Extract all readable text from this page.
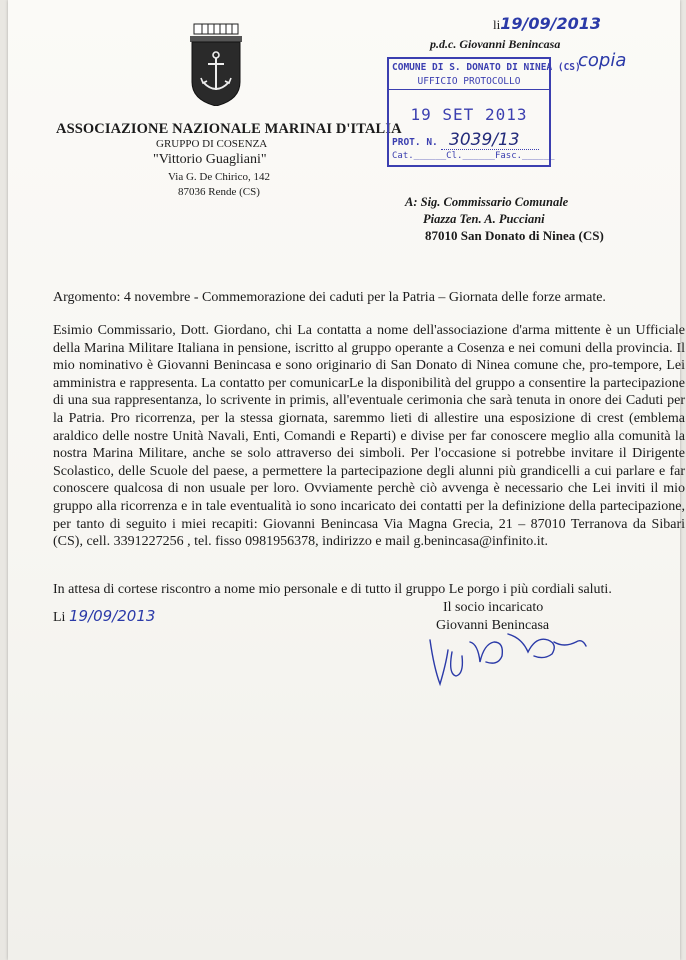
ASSOCIAZIONE NAZIONALE MARINAI D'ITALIA
GRUPPO DI COSENZA
"Vittorio Guagliani"
Via G. De Chirico, 142
87036 Rende (CS)
li19/09/2013
p.d.c. Giovanni Benincasa
copia
COMUNE DI S. DONATO DI NINEA (CS)
UFFICIO PROTOCOLLO
19 SET 2013
PROT. N. 3039/13
Cat.______Cl.______Fasc.______
A: Sig. Commissario Comunale
Piazza Ten. A. Pucciani
87010 San Donato di Ninea (CS)
Argomento: 4 novembre - Commemorazione dei caduti per la Patria – Giornata delle forze armate.
Esimio Commissario, Dott. Giordano, chi La contatta a nome dell'associazione d'arma mittente è un Ufficiale della Marina Militare Italiana in pensione, iscritto al gruppo operante a Cosenza e nei comuni della provincia. Il mio nominativo è Giovanni Benincasa e sono originario di San Donato di Ninea comune che, pro-tempore, Lei amministra e rappresenta. La contatto per comunicarLe la disponibilità del gruppo a consentire la partecipazione di una sua rappresentanza, lo scrivente in primis, all'eventuale cerimonia che sarà tenuta in onore dei Caduti per la Patria. Pro ricorrenza, per la stessa giornata, saremmo lieti di allestire una esposizione di crest (emblema araldico delle nostre Unità Navali, Enti, Comandi e Reparti) e divise per far conoscere meglio alla comunità la nostra Marina Militare, anche se solo attraverso dei simboli. Per l'occasione si potrebbe invitare il Dirigente Scolastico, delle Scuole del paese, a permettere la partecipazione degli alunni più grandicelli a cui parlare e far conoscere qualcosa di non usuale per loro. Ovviamente perchè ciò avvenga è necessario che Lei inviti il mio gruppo alla ricorrenza e in tale eventualità io sono incaricato dei contatti per la definizione della partecipazione, per tanto di seguito i miei recapiti: Giovanni Benincasa Via Magna Grecia, 21 – 87010 Terranova da Sibari (CS), cell. 3391227256 , tel. fisso 0981956378, indirizzo e mail g.benincasa@infinito.it.
In attesa di cortese riscontro a nome mio personale e di tutto il gruppo Le porgo i più cordiali saluti.
Li 19/09/2013	Il socio incaricato
Giovanni Benincasa
